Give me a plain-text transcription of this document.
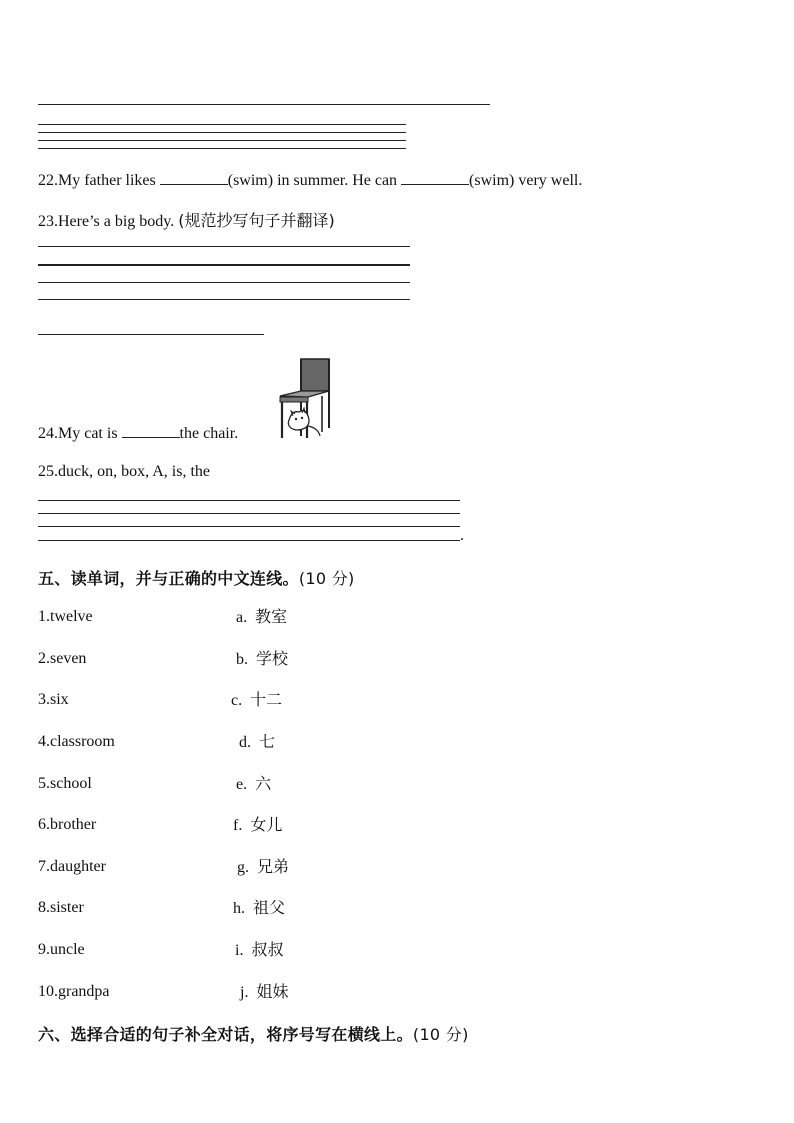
22.My father likes	(swim) in summer. He can	(swim) very well.
23.Here’s a big body. (规范抄写句子并翻译)
24.My cat is	the chair.
25.duck, on, box, A, is, the
.
五、读单词，并与正确的中文连线。(10 分)
1.twelve	a. 教室
2.seven	b. 学校
3.six	c. 十二
4.classroom	d. 七
5.school	e. 六
6.brother	f. 女儿
7.daughter	g. 兄弟
8.sister	h. 祖父
9.uncle	i. 叔叔
10.grandpa	j. 姐妹
六、选择合适的句子补全对话，将序号写在横线上。(10 分)
